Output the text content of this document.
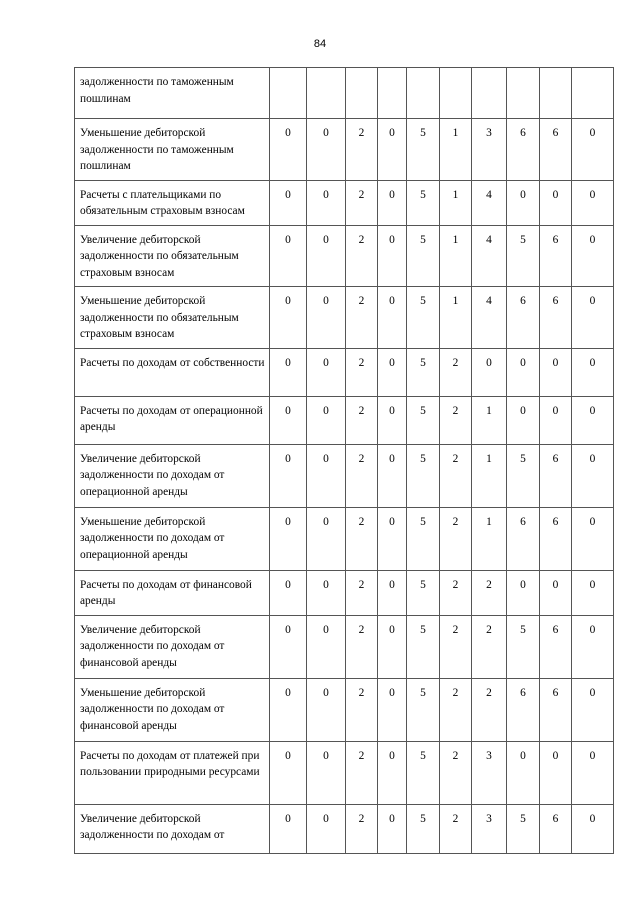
84
задолженности по таможенным пошлинам										
Уменьшение дебиторской задолженности по таможенным пошлинам	0	0	2	0	5	1	3	6	6	0
Расчеты с плательщиками по обязательным страховым взносам	0	0	2	0	5	1	4	0	0	0
Увеличение дебиторской задолженности по обязательным страховым взносам	0	0	2	0	5	1	4	5	6	0
Уменьшение дебиторской задолженности по обязательным страховым взносам	0	0	2	0	5	1	4	6	6	0
Расчеты по доходам от собственности	0	0	2	0	5	2	0	0	0	0
Расчеты по доходам от операционной аренды	0	0	2	0	5	2	1	0	0	0
Увеличение дебиторской задолженности по доходам от операционной аренды	0	0	2	0	5	2	1	5	6	0
Уменьшение дебиторской задолженности по доходам от операционной аренды	0	0	2	0	5	2	1	6	6	0
Расчеты по доходам от финансовой аренды	0	0	2	0	5	2	2	0	0	0
Увеличение дебиторской задолженности по доходам от финансовой аренды	0	0	2	0	5	2	2	5	6	0
Уменьшение дебиторской задолженности по доходам от финансовой аренды	0	0	2	0	5	2	2	6	6	0
Расчеты по доходам от платежей при пользовании природными ресурсами	0	0	2	0	5	2	3	0	0	0
Увеличение дебиторской задолженности по доходам от	0	0	2	0	5	2	3	5	6	0
